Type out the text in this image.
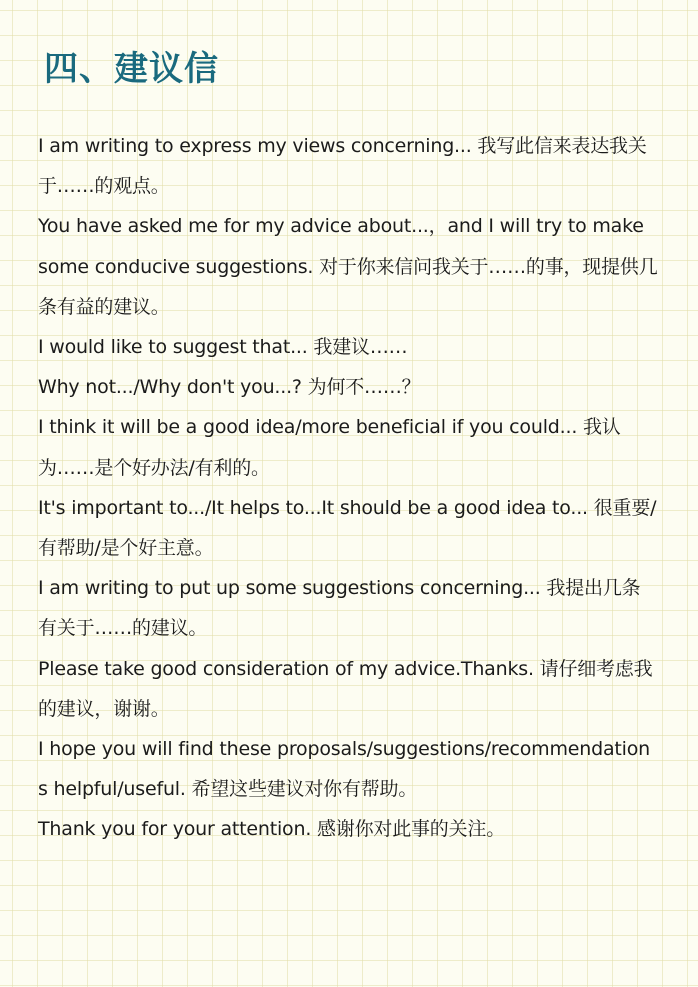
四、建议信
I am writing to express my views concerning... 我写此信来表达我关于……的观点。
You have asked me for my advice about...，and I will try to make some conducive suggestions. 对于你来信问我关于……的事，现提供几条有益的建议。
I would like to suggest that... 我建议……
Why not.../Why don't you...? 为何不……？
I think it will be a good idea/more beneficial if you could... 我认为……是个好办法/有利的。
It's important to.../It helps to...It should be a good idea to... 很重要/有帮助/是个好主意。
I am writing to put up some suggestions concerning... 我提出几条有关于……的建议。
Please take good consideration of my advice.Thanks. 请仔细考虑我的建议，谢谢。
I hope you will find these proposals/suggestions/recommendations helpful/useful. 希望这些建议对你有帮助。
Thank you for your attention. 感谢你对此事的关注。
